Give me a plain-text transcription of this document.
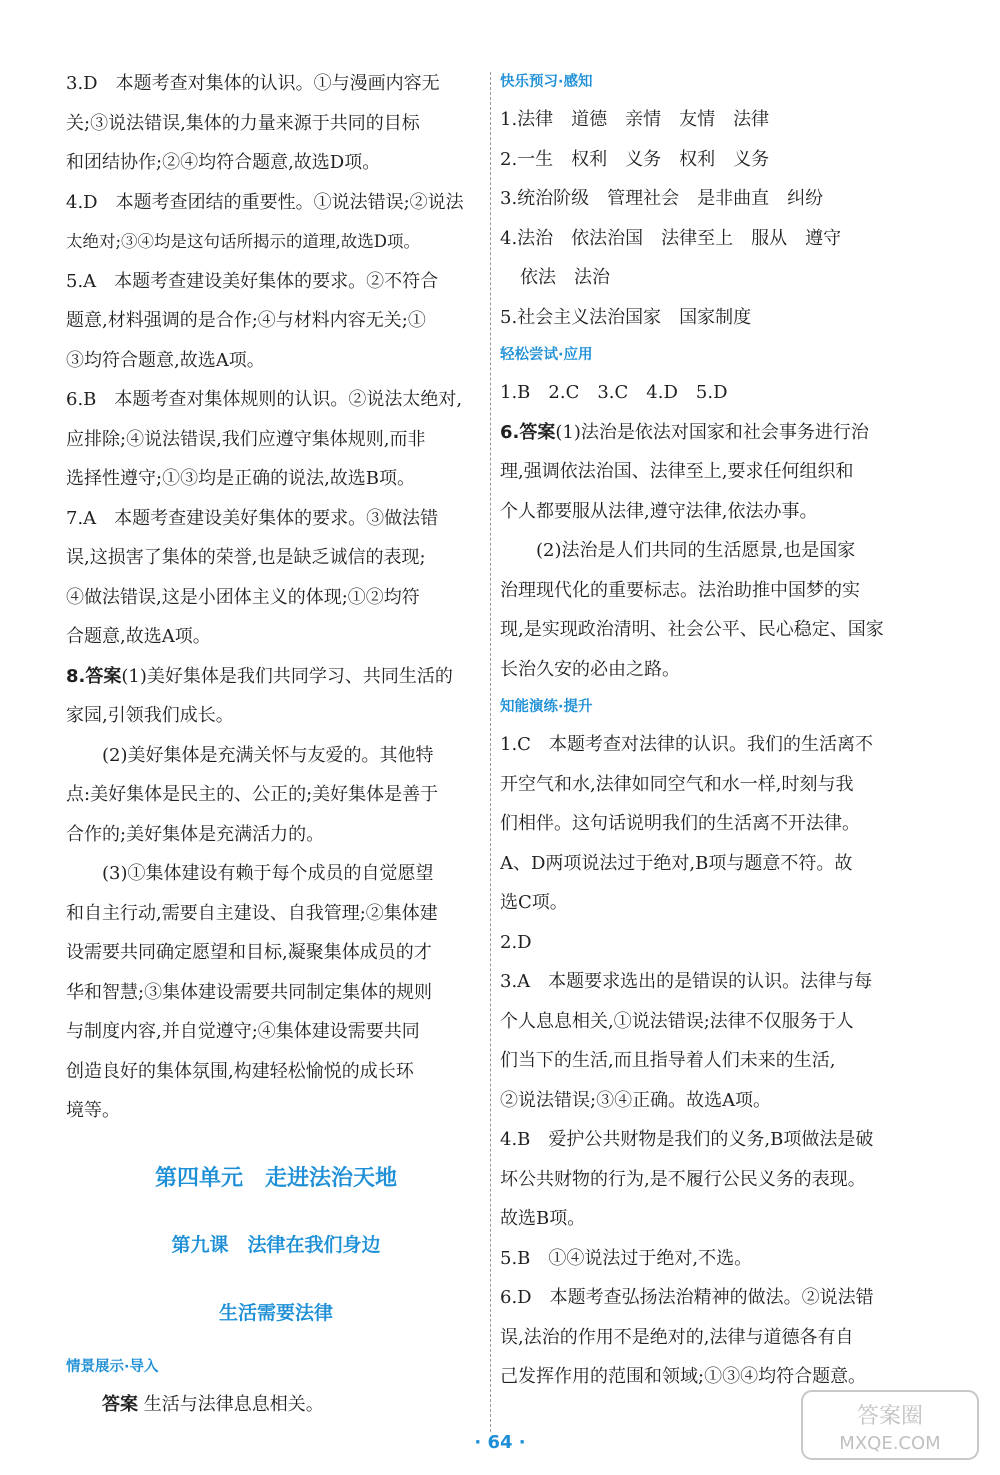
3.D　本题考查对集体的认识。①与漫画内容无
关;③说法错误,集体的力量来源于共同的目标
和团结协作;②④均符合题意,故选D项。
4.D　本题考查团结的重要性。①说法错误;②说法
太绝对;③④均是这句话所揭示的道理,故选D项。
5.A　本题考查建设美好集体的要求。②不符合
题意,材料强调的是合作;④与材料内容无关;①
③均符合题意,故选A项。
6.B　本题考查对集体规则的认识。②说法太绝对,
应排除;④说法错误,我们应遵守集体规则,而非
选择性遵守;①③均是正确的说法,故选B项。
7.A　本题考查建设美好集体的要求。③做法错
误,这损害了集体的荣誉,也是缺乏诚信的表现;
④做法错误,这是小团体主义的体现;①②均符
合题意,故选A项。
8.答案(1)美好集体是我们共同学习、共同生活的
家园,引领我们成长。
(2)美好集体是充满关怀与友爱的。其他特
点:美好集体是民主的、公正的;美好集体是善于
合作的;美好集体是充满活力的。
(3)①集体建设有赖于每个成员的自觉愿望
和自主行动,需要自主建设、自我管理;②集体建
设需要共同确定愿望和目标,凝聚集体成员的才
华和智慧;③集体建设需要共同制定集体的规则
与制度内容,并自觉遵守;④集体建设需要共同
创造良好的集体氛围,构建轻松愉悦的成长环
境等。
第四单元　走进法治天地
第九课　法律在我们身边
生活需要法律
情景展示·导入
答案 生活与法律息息相关。
快乐预习·感知
1.法律　道德　亲情　友情　法律
2.一生　权利　义务　权利　义务
3.统治阶级　管理社会　是非曲直　纠纷
4.法治　依法治国　法律至上　服从　遵守
依法　法治
5.社会主义法治国家　国家制度
轻松尝试·应用
1.B　2.C　3.C　4.D　5.D
6.答案(1)法治是依法对国家和社会事务进行治
理,强调依法治国、法律至上,要求任何组织和
个人都要服从法律,遵守法律,依法办事。
(2)法治是人们共同的生活愿景,也是国家
治理现代化的重要标志。法治助推中国梦的实
现,是实现政治清明、社会公平、民心稳定、国家
长治久安的必由之路。
知能演练·提升
1.C　本题考查对法律的认识。我们的生活离不
开空气和水,法律如同空气和水一样,时刻与我
们相伴。这句话说明我们的生活离不开法律。
A、D两项说法过于绝对,B项与题意不符。故
选C项。
2.D
3.A　本题要求选出的是错误的认识。法律与每
个人息息相关,①说法错误;法律不仅服务于人
们当下的生活,而且指导着人们未来的生活,
②说法错误;③④正确。故选A项。
4.B　爱护公共财物是我们的义务,B项做法是破
坏公共财物的行为,是不履行公民义务的表现。
故选B项。
5.B　①④说法过于绝对,不选。
6.D　本题考查弘扬法治精神的做法。②说法错
误,法治的作用不是绝对的,法律与道德各有自
己发挥作用的范围和领域;①③④均符合题意。
· 64 ·
答案圈
MXQE.COM
